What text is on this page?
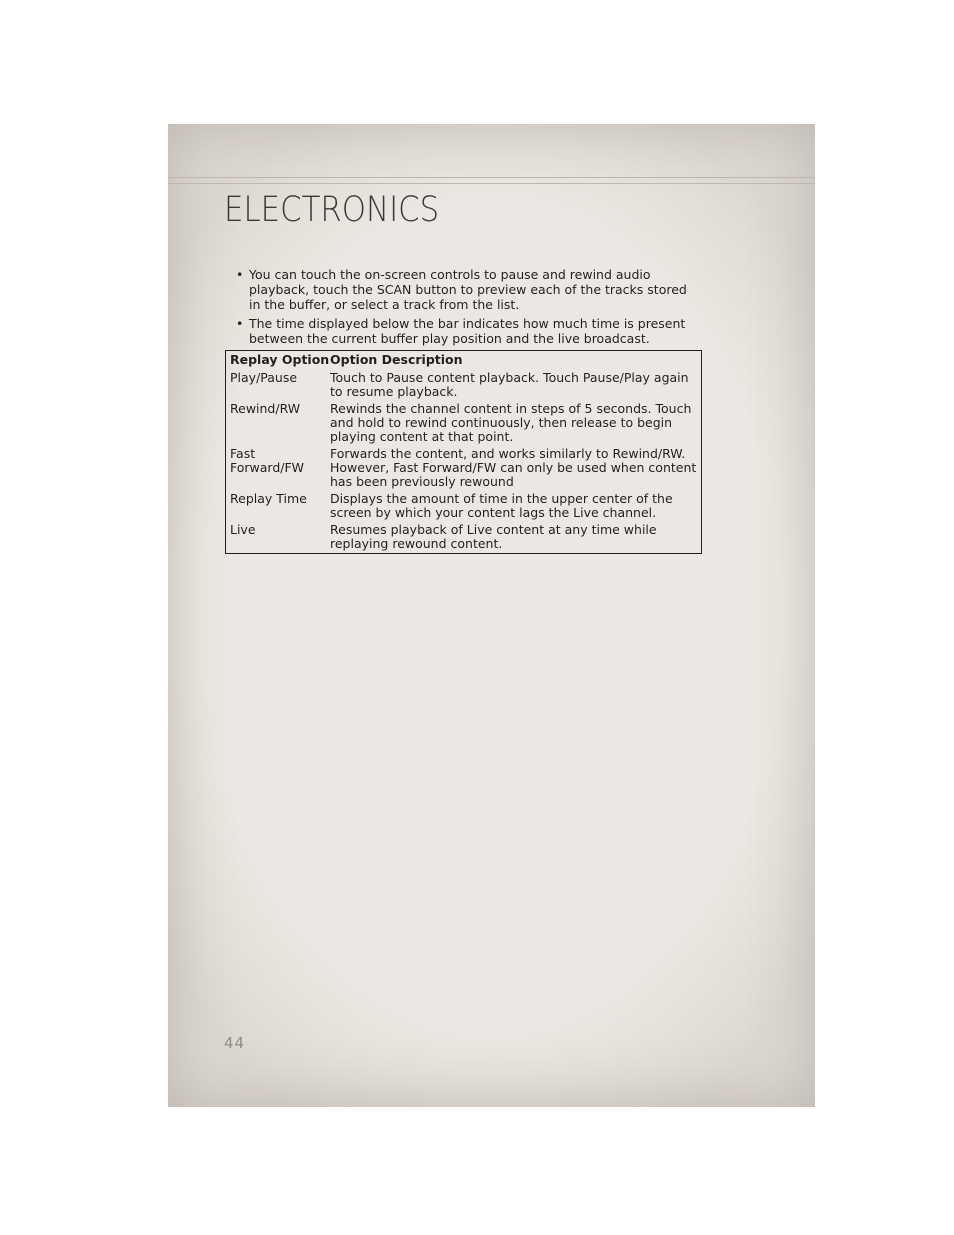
ELECTRONICS
• You can touch the on-screen controls to pause and rewind audio playback, touch the SCAN button to preview each of the tracks stored in the buffer, or select a track from the list.
• The time displayed below the bar indicates how much time is present between the current buffer play position and the live broadcast.
Replay Option	Option Description
Play/Pause	Touch to Pause content playback. Touch Pause/Play again to resume playback.
Rewind/RW	Rewinds the channel content in steps of 5 seconds. Touch and hold to rewind continuously, then release to begin playing content at that point.
Fast Forward/FW	Forwards the content, and works similarly to Rewind/RW. However, Fast Forward/FW can only be used when content has been previously rewound
Replay Time	Displays the amount of time in the upper center of the screen by which your content lags the Live channel.
Live	Resumes playback of Live content at any time while replaying rewound content.
44
